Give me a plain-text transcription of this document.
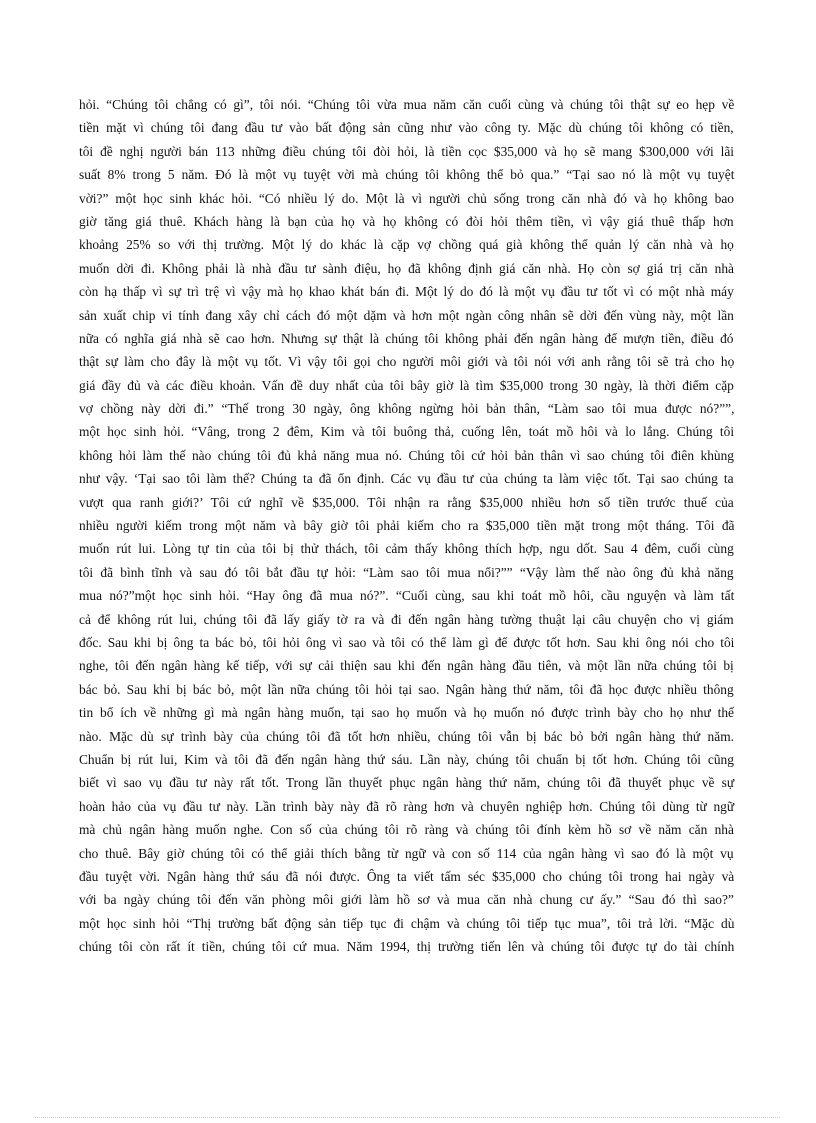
hỏi. “Chúng tôi chẳng có gì”, tôi nói. “Chúng tôi vừa mua năm căn cuối cùng và chúng tôi thật sự eo hẹp về
tiền mặt vì chúng tôi đang đầu tư vào bất động sản cũng như vào công ty. Mặc dù chúng tôi không có tiền,
tôi đề nghị người bán 113 những điều chúng tôi đòi hỏi, là tiền cọc $35,000 và họ sẽ mang $300,000 với lãi
suất 8% trong 5 năm. Đó là một vụ tuyệt vời mà chúng tôi không thể bỏ qua.” “Tại sao nó là một vụ tuyệt
vời?” một học sinh khác hỏi. “Có nhiều lý do. Một là vì người chủ sống trong căn nhà đó và họ không bao
giờ tăng giá thuê. Khách hàng là bạn của họ và họ không có đòi hỏi thêm tiền, vì vậy giá thuê thấp hơn
khoảng 25% so với thị trường. Một lý do khác là cặp vợ chồng quá già không thể quản lý căn nhà và họ
muốn dời đi. Không phải là nhà đầu tư sành điệu, họ đã không định giá căn nhà. Họ còn sợ giá trị căn nhà
còn hạ thấp vì sự trì trệ vì vậy mà họ khao khát bán đi. Một lý do đó là một vụ đầu tư tốt vì có một nhà máy
sản xuất chip vi tính đang xây chỉ cách đó một dặm và hơn một ngàn công nhân sẽ dời đến vùng này, một lần
nữa có nghĩa giá nhà sẽ cao hơn. Nhưng sự thật là chúng tôi không phải đến ngân hàng để mượn tiền, điều đó
thật sự làm cho đây là một vụ tốt. Vì vậy tôi gọi cho người môi giới và tôi nói với anh rằng tôi sẽ trả cho họ
giá đầy đủ và các điều khoản. Vấn đề duy nhất của tôi bây giờ là tìm $35,000 trong 30 ngày, là thời điểm cặp
vợ chồng này dời đi.” “Thế trong 30 ngày, ông không ngừng hỏi bản thân, “Làm sao tôi mua được nó?””,
một học sinh hỏi. “Vâng, trong 2 đêm, Kim và tôi buông thả, cuống lên, toát mồ hôi và lo lắng. Chúng tôi
không hỏi làm thế nào chúng tôi đủ khả năng mua nó. Chúng tôi cứ hỏi bản thân vì sao chúng tôi điên khùng
như vậy. ‘Tại sao tôi làm thế? Chúng ta đã ổn định. Các vụ đầu tư của chúng ta làm việc tốt. Tại sao chúng ta
vượt qua ranh giới?’ Tôi cứ nghĩ về $35,000. Tôi nhận ra rằng $35,000 nhiều hơn số tiền trước thuế của
nhiều người kiếm trong một năm và bây giờ tôi phải kiếm cho ra $35,000 tiền mặt trong một tháng. Tôi đã
muốn rút lui. Lòng tự tin của tôi bị thử thách, tôi cảm thấy không thích hợp, ngu dốt. Sau 4 đêm, cuối cùng
tôi đã bình tĩnh và sau đó tôi bắt đầu tự hỏi: “Làm sao tôi mua nổi?”” “Vậy làm thế nào ông đủ khả năng
mua nó?”một học sinh hỏi. “Hay ông đã mua nó?”. “Cuối cùng, sau khi toát mồ hôi, cầu nguyện và làm tất
cả để không rút lui, chúng tôi đã lấy giấy tờ ra và đi đến ngân hàng tường thuật lại câu chuyện cho vị giám
đốc. Sau khi bị ông ta bác bỏ, tôi hỏi ông vì sao và tôi có thể làm gì để được tốt hơn. Sau khi ông nói cho tôi
nghe, tôi đến ngân hàng kế tiếp, với sự cải thiện sau khi đến ngân hàng đầu tiên, và một lần nữa chúng tôi bị
bác bỏ. Sau khi bị bác bỏ, một lần nữa chúng tôi hỏi tại sao. Ngân hàng thứ năm, tôi đã học được nhiều thông
tin bổ ích về những gì mà ngân hàng muốn, tại sao họ muốn và họ muốn nó được trình bày cho họ như thế
nào. Mặc dù sự trình bày của chúng tôi đã tốt hơn nhiều, chúng tôi vẫn bị bác bỏ bởi ngân hàng thứ năm.
Chuẩn bị rút lui, Kim và tôi đã đến ngân hàng thứ sáu. Lần này, chúng tôi chuẩn bị tốt hơn. Chúng tôi cũng
biết vì sao vụ đầu tư này rất tốt. Trong lần thuyết phục ngân hàng thứ năm, chúng tôi đã thuyết phục về sự
hoàn hảo của vụ đầu tư này. Lần trình bày này đã rõ ràng hơn và chuyên nghiệp hơn. Chúng tôi dùng từ ngữ
mà chủ ngân hàng muốn nghe. Con số của chúng tôi rõ ràng và chúng tôi đính kèm hồ sơ về năm căn nhà
cho thuê. Bây giờ chúng tôi có thể giải thích bằng từ ngữ và con số 114 của ngân hàng vì sao đó là một vụ
đầu tuyệt vời. Ngân hàng thứ sáu đã nói được. Ông ta viết tấm séc $35,000 cho chúng tôi trong hai ngày và
với ba ngày chúng tôi đến văn phòng môi giới làm hồ sơ và mua căn nhà chung cư ấy.” “Sau đó thì sao?”
một học sinh hỏi “Thị trường bất động sản tiếp tục đi chậm và chúng tôi tiếp tục mua”, tôi trả lời. “Mặc dù
chúng tôi còn rất ít tiền, chúng tôi cứ mua. Năm 1994, thị trường tiến lên và chúng tôi được tự do tài chính
